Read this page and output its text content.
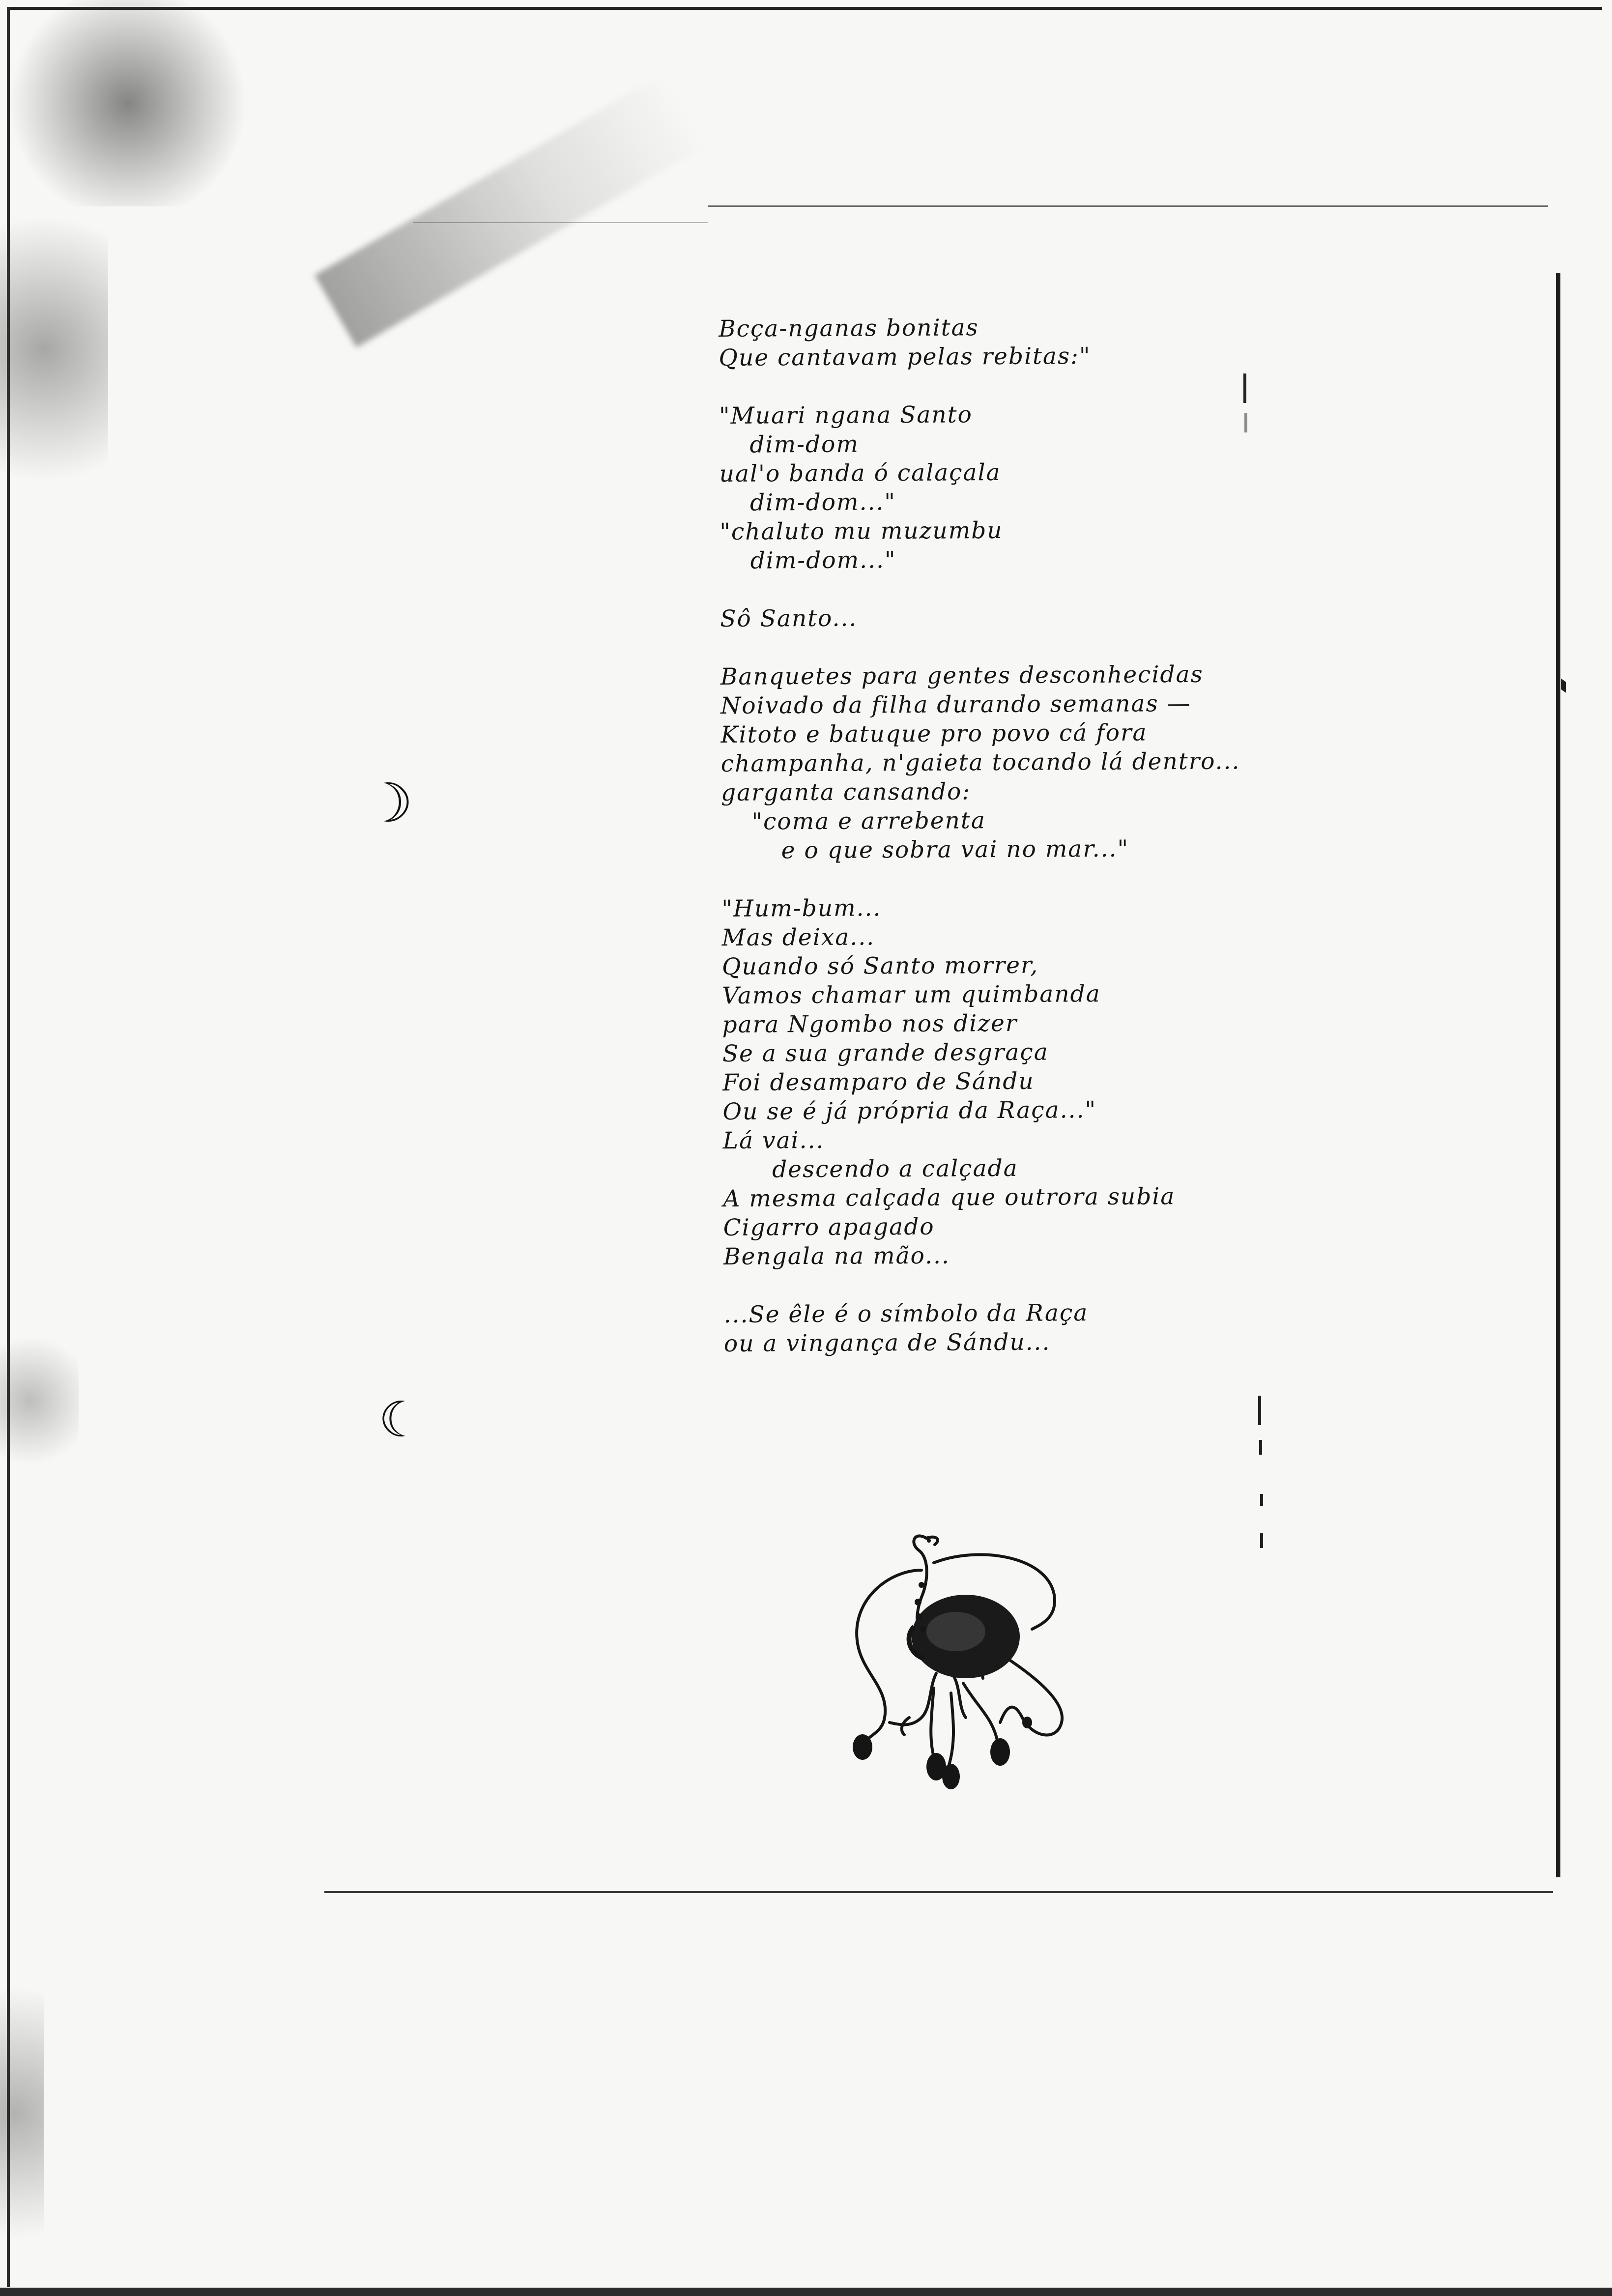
☽
☾
Bcça-nganas bonitas
Que cantavam pelas rebitas:"
"Muari ngana Santo
dim-dom
ual'o banda ó calaçala
dim-dom..."
"chaluto mu muzumbu
dim-dom..."
Sô Santo...
Banquetes para gentes desconhecidas
Noivado da filha durando semanas —
Kitoto e batuque pro povo cá fora
champanha, n'gaieta tocando lá dentro...
garganta cansando:
"coma e arrebenta
e o que sobra vai no mar..."
"Hum-bum...
Mas deixa...
Quando só Santo morrer,
Vamos chamar um quimbanda
para Ngombo nos dizer
Se a sua grande desgraça
Foi desamparo de Sándu
Ou se é já própria da Raça..."
Lá vai...
descendo a calçada
A mesma calçada que outrora subia
Cigarro apagado
Bengala na mão...
...Se êle é o símbolo da Raça
ou a vingança de Sándu...
